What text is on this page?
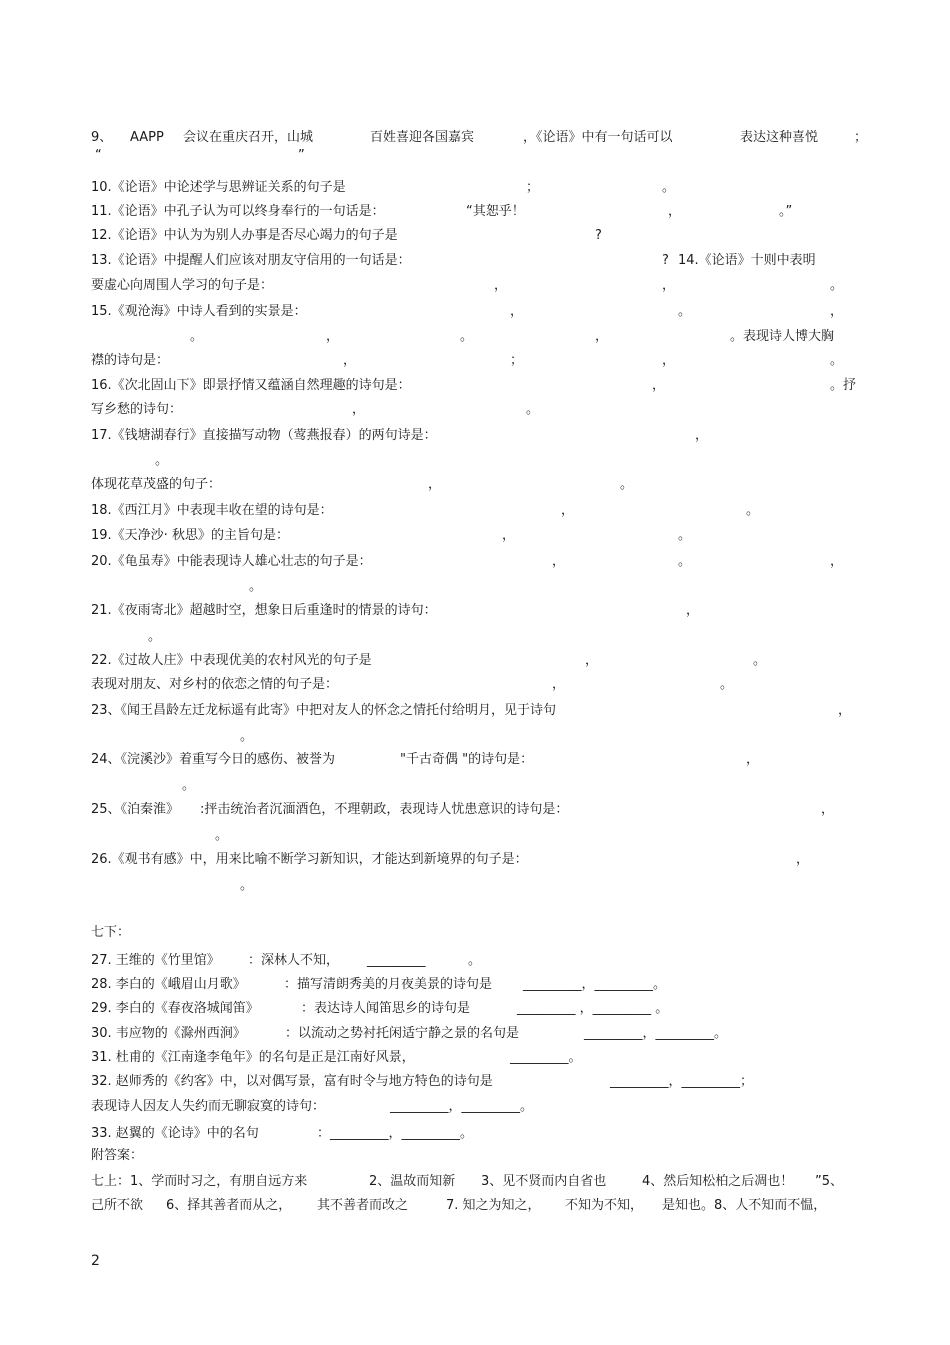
9、 AAPP 会议在重庆召开，山城	百姓喜迎各国嘉宾	，《论语》中有一句话可以	表达这种喜悦	；
“	”
10.《论语》中论述学与思辨证关系的句子是	；	。
11.《论语》中孔子认为可以终身奉行的一句话是：	“其恕乎！	，	。”
12.《论语》中认为为别人办事是否尽心竭力的句子是	?
13.《论语》中提醒人们应该对朋友守信用的一句话是：	? 14.《论语》十则中表明
要虚心向周围人学习的句子是：	，	，	。
15.《观沧海》中诗人看到的实景是：	，	。	，
。	，	。	，	。表现诗人博大胸
襟的诗句是：	，	；	，	。
16.《次北固山下》即景抒情又蕴涵自然理趣的诗句是：	，	。抒
写乡愁的诗句：	，	。
17.《钱塘湖春行》直接描写动物（莺燕报春）的两句诗是：	，
。
体现花草茂盛的句子：	，	。
18.《西江月》中表现丰收在望的诗句是：	，	。
19.《天净沙· 秋思》的主旨句是：	，	。
20.《龟虽寿》中能表现诗人雄心壮志的句子是：	，	。	，
。
21.《夜雨寄北》超越时空，想象日后重逢时的情景的诗句：	，
。
22.《过故人庄》中表现优美的农村风光的句子是	，	。
表现对朋友、对乡村的依恋之情的句子是：	，	。
23、《闻王昌龄左迁龙标遥有此寄》中把对友人的怀念之情托付给明月，见于诗句	，
。
24、《浣溪沙》着重写今日的感伤、被誉为	"千古奇偶 "的诗句是：	，
。
25、《泊秦淮》 :抨击统治者沉湎酒色，不理朝政，表现诗人忧患意识的诗句是：	，
。
26.《观书有感》中，用来比喻不断学习新知识，才能达到新境界的句子是：	，
。
七下：
27. 王维的《竹里馆》 ：深林人不知， _________	。
28. 李白的《峨眉山月歌》	：描写清朗秀美的月夜美景的诗句是 _________，_________。
29. 李白的《春夜洛城闻笛》	：表达诗人闻笛思乡的诗句是	_________ ，_________ 。
30. 韦应物的《滁州西涧》	：以流动之势衬托闲适宁静之景的名句是	_________，_________。
31. 杜甫的《江南逢李龟年》的名句是正是江南好风景，	_________。
32. 赵师秀的《约客》中，以对偶写景，富有时令与地方特色的诗句是	_________，_________；
表现诗人因友人失约而无聊寂寞的诗句：	_________，_________。
33. 赵翼的《论诗》中的名句	：_________，_________。
附答案：
七上：1、学而时习之，有朋自远方来	2、温故而知新 3、见不贤而内自省也	4、然后知松柏之后凋也！ ”5、
己所不欲 6、择其善者而从之， 其不善者而改之	7. 知之为知之， 不知为不知， 是知也。8、人不知而不愠，
2
